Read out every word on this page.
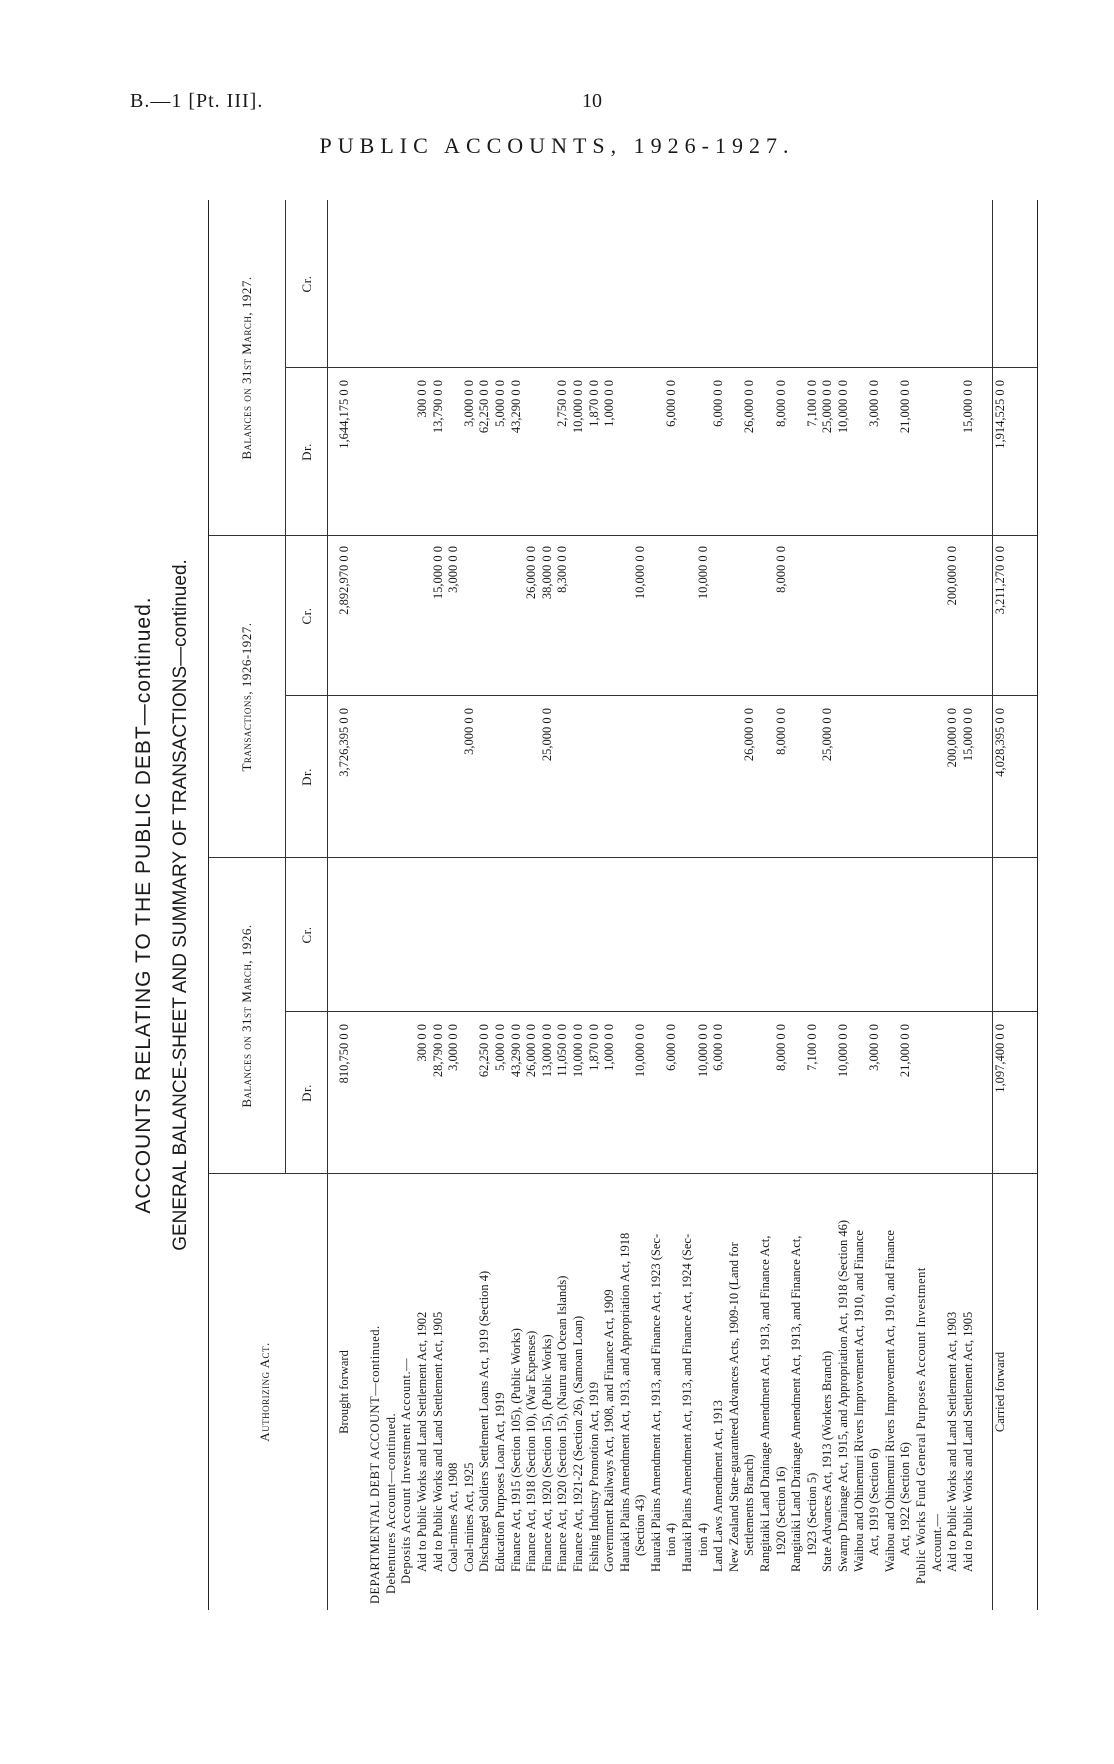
B.—1 [Pt. III].	10
PUBLIC ACCOUNTS, 1926-1927.
ACCOUNTS RELATING TO THE PUBLIC DEBT—continued. GENERAL BALANCE-SHEET AND SUMMARY OF TRANSACTIONS—continued.
Authorizing Act.
Balances on 31st March, 1926.
Transactions, 1926-1927.
Balances on 31st March, 1927.
Dr.
Cr.
Dr.
Cr.
Dr.
Cr.
Brought forward
810,750 0 0
3,726,395 0 0
2,892,970 0 0
1,644,175 0 0
DEPARTMENTAL DEBT ACCOUNT—continued. Debentures Account—continued. Deposits Account Investment Account.— Aid to Public Works and Land Settlement Act, 1902
300 0 0
300 0 0
Aid to Public Works and Land Settlement Act, 1905
28,790 0 0
15,000 0 0
13,790 0 0
Coal-mines Act, 1908
3,000 0 0
3,000 0 0
Coal-mines Act, 1925
3,000 0 0
3,000 0 0
Discharged Soldiers Settlement Loans Act, 1919 (Section 4)
62,250 0 0
62,250 0 0
Education Purposes Loan Act, 1919
5,000 0 0
5,000 0 0
Finance Act, 1915 (Section 105), (Public Works)
43,290 0 0
43,290 0 0
Finance Act, 1918 (Section 10), (War Expenses)
26,000 0 0
26,000 0 0
Finance Act, 1920 (Section 15), (Public Works)
13,000 0 0
25,000 0 0
38,000 0 0
Finance Act, 1920 (Section 15), (Nauru and Ocean Islands)
11,050 0 0
8,300 0 0
2,750 0 0
Finance Act, 1921-22 (Section 26), (Samoan Loan)
10,000 0 0
10,000 0 0
Fishing Industry Promotion Act, 1919
1,870 0 0
1,870 0 0
Government Railways Act, 1908, and Finance Act, 1909
1,000 0 0
1,000 0 0
Hauraki Plains Amendment Act, 1913, and Appropriation Act, 1918 (Section 43)
10,000 0 0
10,000 0 0
Hauraki Plains Amendment Act, 1913, and Finance Act, 1923 (Sec- tion 4)
6,000 0 0
6,000 0 0
Hauraki Plains Amendment Act, 1913, and Finance Act, 1924 (Sec- tion 4)
10,000 0 0
10,000 0 0
Land Laws Amendment Act, 1913
6,000 0 0
6,000 0 0
New Zealand State-guaranteed Advances Acts, 1909-10 (Land for Settlements Branch)
26,000 0 0
26,000 0 0
Rangitaiki Land Drainage Amendment Act, 1913, and Finance Act, 1920 (Section 16)
8,000 0 0
8,000 0 0
8,000 0 0
8,000 0 0
Rangitaiki Land Drainage Amendment Act, 1913, and Finance Act, 1923 (Section 5)
7,100 0 0
7,100 0 0
State Advances Act, 1913 (Workers Branch)
25,000 0 0
25,000 0 0
Swamp Drainage Act, 1915, and Appropriation Act, 1918 (Section 46)
10,000 0 0
10,000 0 0
Waihou and Ohinemuri Rivers Improvement Act, 1910, and Finance Act, 1919 (Section 6)
3,000 0 0
3,000 0 0
Waihou and Ohinemuri Rivers Improvement Act, 1910, and Finance Act, 1922 (Section 16)
21,000 0 0
21,000 0 0
Public Works Fund General Purposes Account Investment Account.— Aid to Public Works and Land Settlement Act, 1903
200,000 0 0
200,000 0 0
Aid to Public Works and Land Settlement Act, 1905
15,000 0 0
15,000 0 0
Carried forward
1,097,400 0 0
4,028,395 0 0
3,211,270 0 0
1,914,525 0 0
